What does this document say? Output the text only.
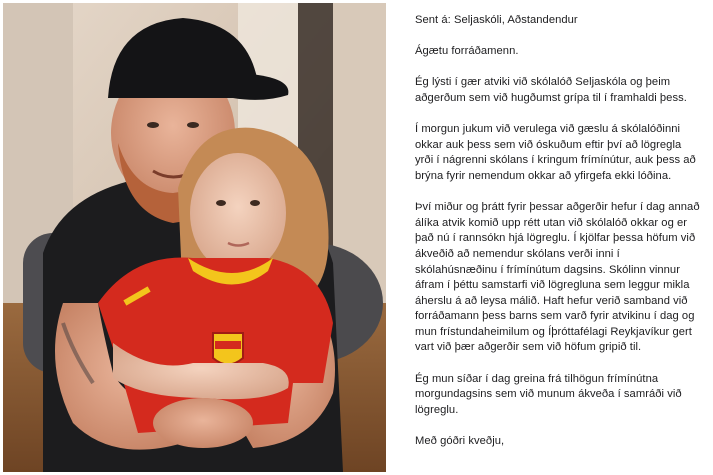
Sent á: Seljaskóli, Aðstandendur

Ágætu forráðamenn.

Ég lýsti í gær atviki við skólalóð Seljaskóla og þeim aðgerðum sem við hugðumst grípa til í framhaldi þess.

Í morgun jukum við verulega við gæslu á skólalóðinni okkar auk þess sem við óskuðum eftir því að lögregla yrði í nágrenni skólans í kringum frímínútur, auk þess að brýna fyrir nemendum okkar að yfirgefa ekki lóðina.

Því miður og þrátt fyrir þessar aðgerðir hefur í dag annað álíka atvik komið upp rétt utan við skólalóð okkar og er það nú í rannsókn hjá lögreglu. Í kjölfar þessa höfum við ákveðið að nemendur skólans verði inni í skólahúsnæðinu í frímínútum dagsins. Skólinn vinnur áfram í þéttu samstarfi við lögregluna sem leggur mikla áherslu á að leysa málið. Haft hefur verið samband við forráðamann þess barns sem varð fyrir atvikinu í dag og mun frístundaheimilum og Íþróttafélagi Reykjavíkur gert vart við þær aðgerðir sem við höfum gripið til.

Ég mun síðar í dag greina frá tilhögun frímínútna morgundagsins sem við munum ákveða í samráði við lögreglu.

Með góðri kveðju,
